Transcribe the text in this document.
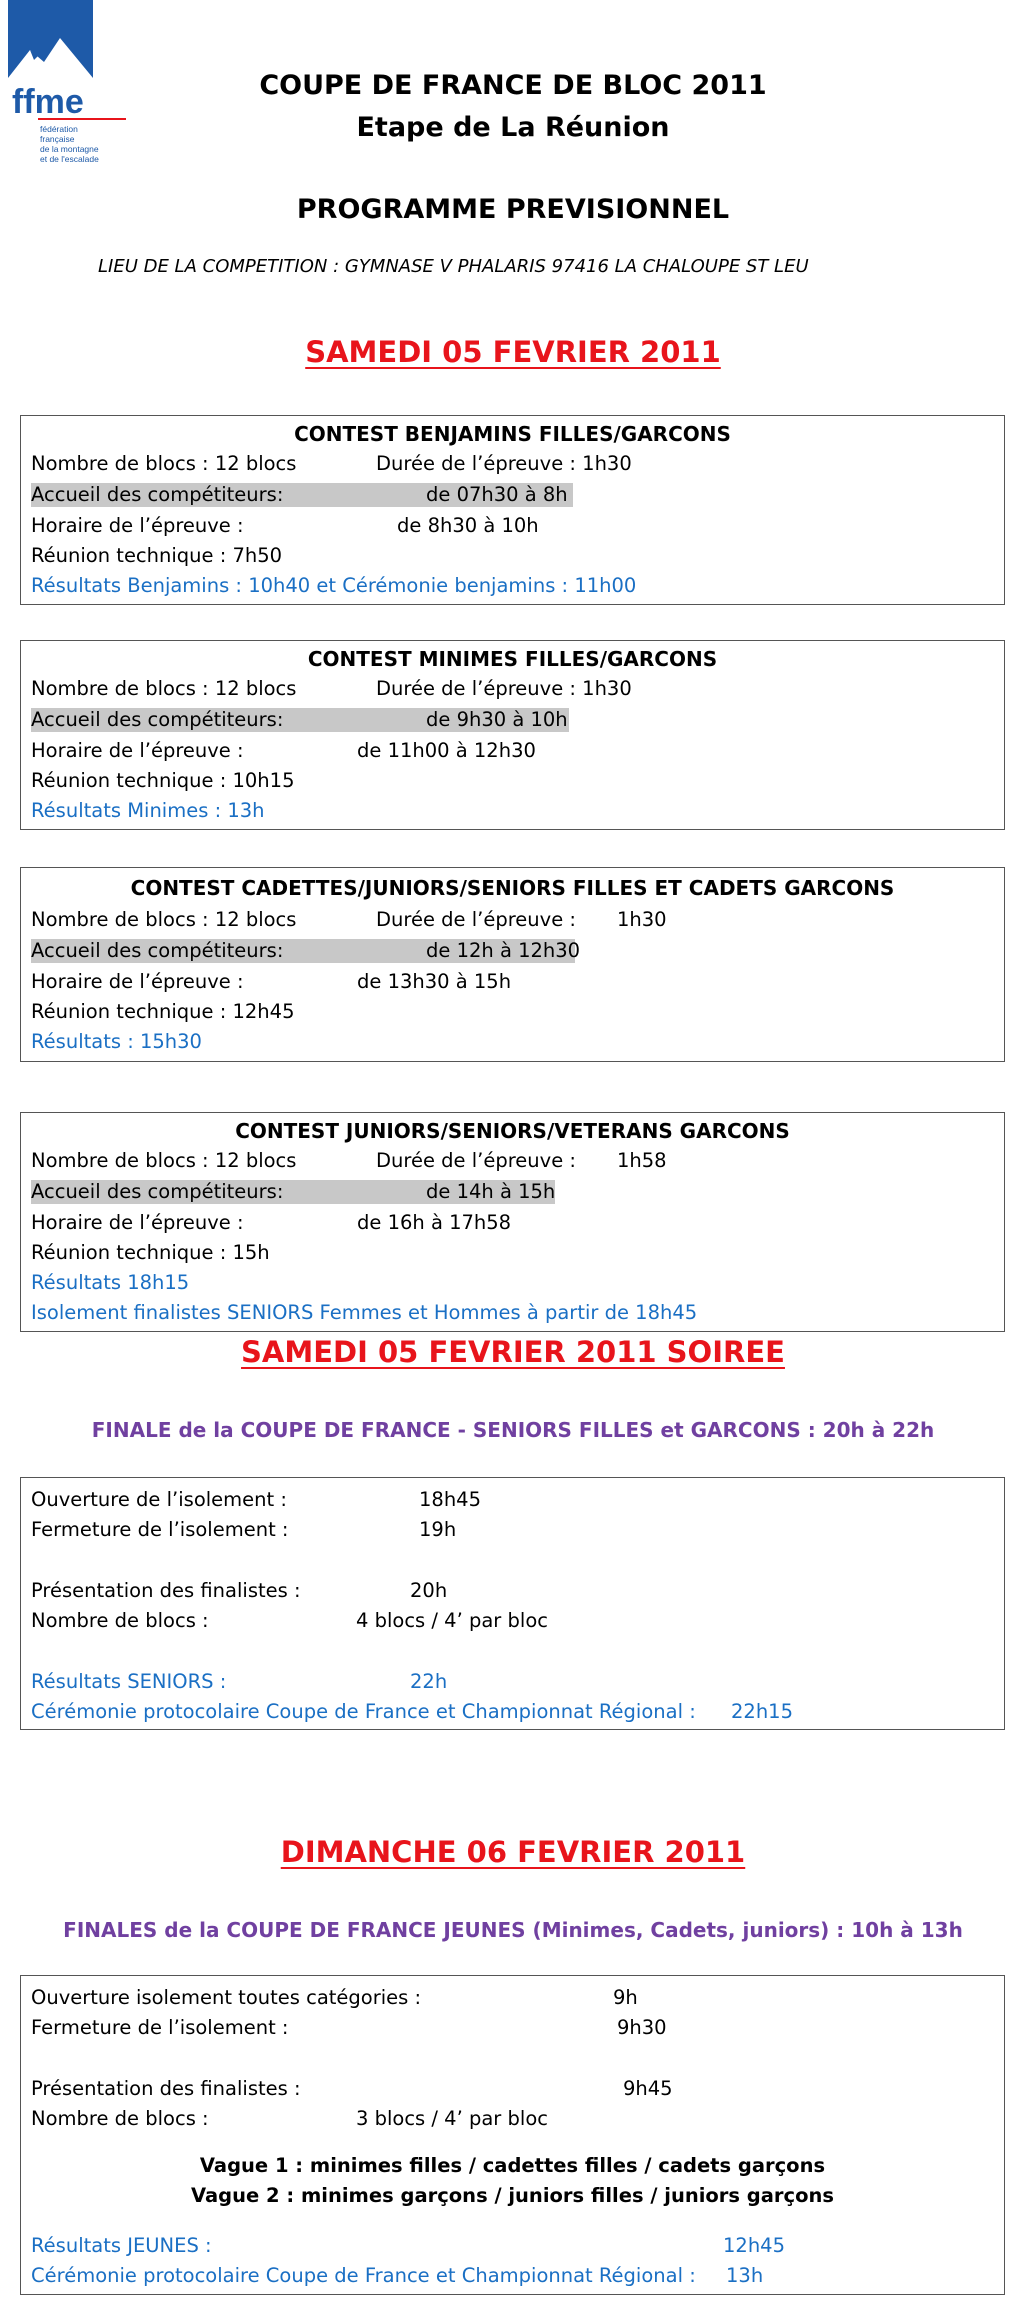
ffme
fédération
française
de la montagne
et de l'escalade
COUPE DE FRANCE DE BLOC 2011
Etape de La Réunion
PROGRAMME PREVISIONNEL
LIEU DE LA COMPETITION : GYMNASE V PHALARIS 97416 LA CHALOUPE ST LEU
SAMEDI 05 FEVRIER 2011
CONTEST BENJAMINS FILLES/GARCONS
Nombre de blocs : 12 blocs	Durée de l’épreuve : 1h30
Accueil des compétiteurs:	de 07h30 à 8h
Horaire de l’épreuve :	de 8h30 à 10h
Réunion technique : 7h50
Résultats Benjamins : 10h40 et Cérémonie benjamins : 11h00
CONTEST MINIMES FILLES/GARCONS
Nombre de blocs : 12 blocs	Durée de l’épreuve : 1h30
Accueil des compétiteurs:	de 9h30 à 10h
Horaire de l’épreuve :	de 11h00 à 12h30
Réunion technique : 10h15
Résultats Minimes : 13h
CONTEST CADETTES/JUNIORS/SENIORS FILLES ET CADETS GARCONS
Nombre de blocs : 12 blocs	Durée de l’épreuve : 1h30
Accueil des compétiteurs:	de 12h à 12h30
Horaire de l’épreuve :	de 13h30 à 15h
Réunion technique : 12h45
Résultats : 15h30
CONTEST JUNIORS/SENIORS/VETERANS GARCONS
Nombre de blocs : 12 blocs	Durée de l’épreuve : 1h58
Accueil des compétiteurs:	de 14h à 15h
Horaire de l’épreuve :	de 16h à 17h58
Réunion technique : 15h
Résultats 18h15
Isolement finalistes SENIORS Femmes et Hommes à partir de 18h45
SAMEDI 05 FEVRIER 2011 SOIREE
FINALE de la COUPE DE FRANCE - SENIORS FILLES et GARCONS : 20h à 22h
Ouverture de l’isolement :	18h45
Fermeture de l’isolement :	19h
Présentation des finalistes :	20h
Nombre de blocs :	4 blocs / 4’ par bloc
Résultats SENIORS :	22h
Cérémonie protocolaire Coupe de France et Championnat Régional : 22h15
DIMANCHE 06 FEVRIER 2011
FINALES de la COUPE DE FRANCE JEUNES (Minimes, Cadets, juniors) : 10h à 13h
Ouverture isolement toutes catégories :	9h
Fermeture de l’isolement :	9h30
Présentation des finalistes :	9h45
Nombre de blocs :	3 blocs / 4’ par bloc
Vague 1 : minimes filles / cadettes filles / cadets garçons
Vague 2 : minimes garçons / juniors filles / juniors garçons
Résultats JEUNES :	12h45
Cérémonie protocolaire Coupe de France et Championnat Régional : 13h
